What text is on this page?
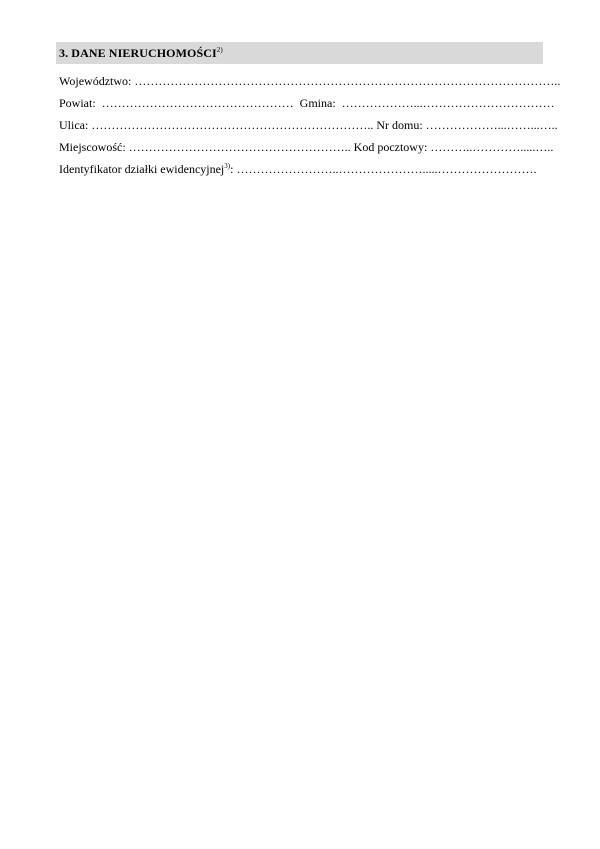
3. DANE NIERUCHOMOŚCI$^{2)}$
Województwo: ……………………………………………………………………………………………..
Powiat: ………………………………………… Gmina: ………………...……………………………
Ulica: …………………………………………………………….. Nr domu: ………………...……...…..
Miejscowość: ……………………………………………….. Kod pocztowy: ………..………….....…..
Identyfikator działki ewidencyjnej$^{3)}$: ……………………..………………….....…………………….
